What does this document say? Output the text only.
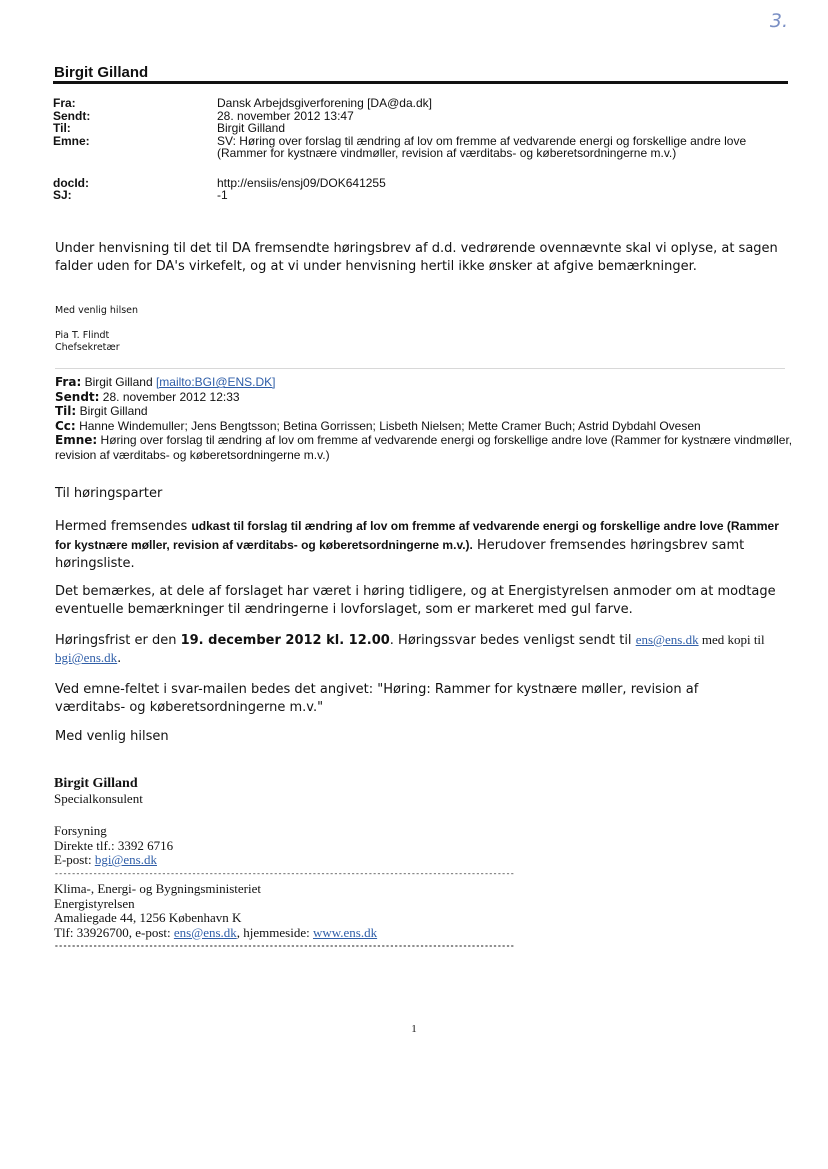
3.
Birgit Gilland
Fra:	Dansk Arbejdsgiverforening [DA@da.dk]
Sendt:	28. november 2012 13:47
Til:	Birgit Gilland
Emne:	SV: Høring over forslag til ændring af lov om fremme af vedvarende energi og forskellige andre love (Rammer for kystnære vindmøller, revision af værditabs- og køberetsordningerne m.v.)
docId:	http://ensiis/ensj09/DOK641255
SJ:	-1
Under henvisning til det til DA fremsendte høringsbrev af d.d. vedrørende ovennævnte skal vi oplyse, at sagen falder uden for DA's virkefelt, og at vi under henvisning hertil ikke ønsker at afgive bemærkninger.
Med venlig hilsen
Pia T. Flindt
Chefsekretær
Fra: Birgit Gilland [mailto:BGI@ENS.DK]
Sendt: 28. november 2012 12:33
Til: Birgit Gilland
Cc: Hanne Windemuller; Jens Bengtsson; Betina Gorrissen; Lisbeth Nielsen; Mette Cramer Buch; Astrid Dybdahl Ovesen
Emne: Høring over forslag til ændring af lov om fremme af vedvarende energi og forskellige andre love (Rammer for kystnære vindmøller, revision af værditabs- og køberetsordningerne m.v.)
Til høringsparter
Hermed fremsendes udkast til forslag til ændring af lov om fremme af vedvarende energi og forskellige andre love (Rammer for kystnære møller, revision af værditabs- og køberetsordningerne m.v.). Herudover fremsendes høringsbrev samt høringsliste.
Det bemærkes, at dele af forslaget har været i høring tidligere, og at Energistyrelsen anmoder om at modtage eventuelle bemærkninger til ændringerne i lovforslaget, som er markeret med gul farve.
Høringsfrist er den 19. december 2012 kl. 12.00. Høringssvar bedes venligst sendt til ens@ens.dk med kopi til bgi@ens.dk.
Ved emne-feltet i svar-mailen bedes det angivet: "Høring: Rammer for kystnære møller, revision af værditabs- og køberetsordningerne m.v."
Med venlig hilsen
Birgit Gilland
Specialkonsulent
Forsyning
Direkte tlf.: 3392 6716
E-post: bgi@ens.dk
-----------------------------------------------------------------------------------------------------------
Klima-, Energi- og Bygningsministeriet
Energistyrelsen
Amaliegade 44, 1256 København K
Tlf: 33926700, e-post: ens@ens.dk, hjemmeside: www.ens.dk
-----------------------------------------------------------------------------------------------------------
1
